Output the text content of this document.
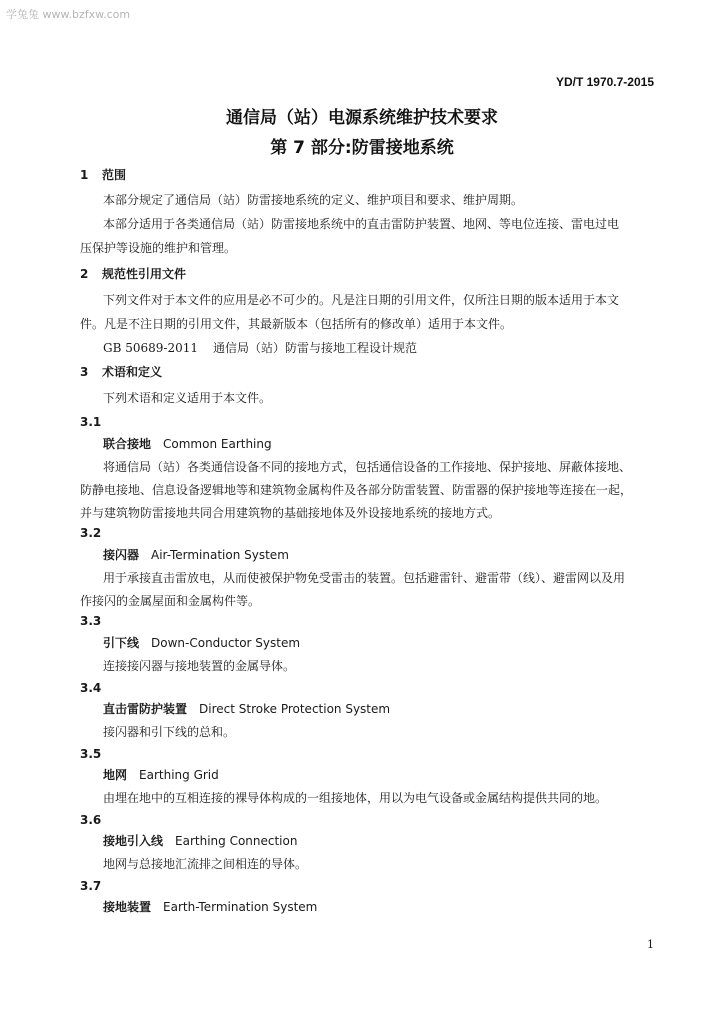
学兔兔 www.bzfxw.com
YD/T 1970.7-2015
通信局（站）电源系统维护技术要求
第 7 部分:防雷接地系统
1 范围
本部分规定了通信局（站）防雷接地系统的定义、维护项目和要求、维护周期。
本部分适用于各类通信局（站）防雷接地系统中的直击雷防护装置、地网、等电位连接、雷电过电
压保护等设施的维护和管理。
2 规范性引用文件
下列文件对于本文件的应用是必不可少的。凡是注日期的引用文件，仅所注日期的版本适用于本文
件。凡是不注日期的引用文件，其最新版本（包括所有的修改单）适用于本文件。
GB 50689-2011 通信局（站）防雷与接地工程设计规范
3 术语和定义
下列术语和定义适用于本文件。
3.1
联合接地 Common Earthing
将通信局（站）各类通信设备不同的接地方式，包括通信设备的工作接地、保护接地、屏蔽体接地、
防静电接地、信息设备逻辑地等和建筑物金属构件及各部分防雷装置、防雷器的保护接地等连接在一起，
并与建筑物防雷接地共同合用建筑物的基础接地体及外设接地系统的接地方式。
3.2
接闪器 Air-Termination System
用于承接直击雷放电，从而使被保护物免受雷击的装置。包括避雷针、避雷带（线）、避雷网以及用
作接闪的金属屋面和金属构件等。
3.3
引下线 Down-Conductor System
连接接闪器与接地装置的金属导体。
3.4
直击雷防护装置 Direct Stroke Protection System
接闪器和引下线的总和。
3.5
地网 Earthing Grid
由埋在地中的互相连接的裸导体构成的一组接地体，用以为电气设备或金属结构提供共同的地。
3.6
接地引入线 Earthing Connection
地网与总接地汇流排之间相连的导体。
3.7
接地装置 Earth-Termination System
1
